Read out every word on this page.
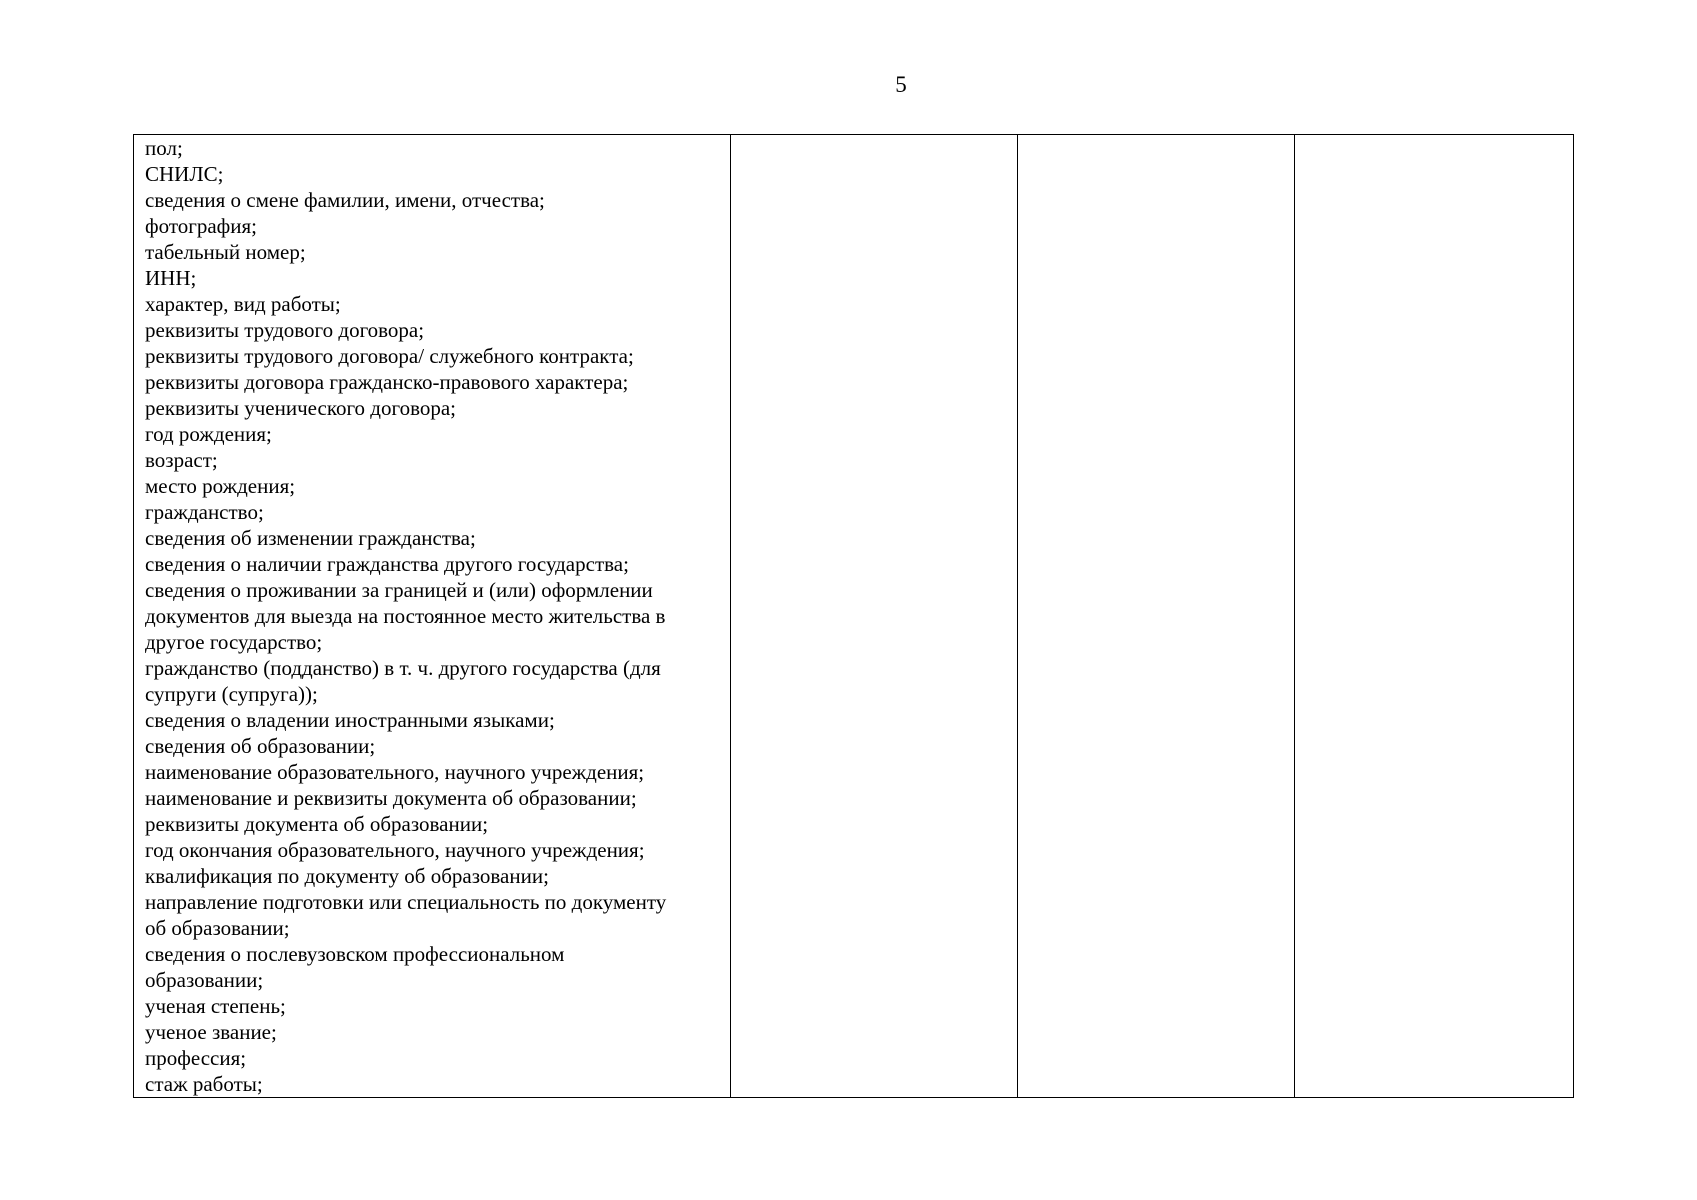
5
пол;
СНИЛС;
сведения о смене фамилии, имени, отчества;
фотография;
табельный номер;
ИНН;
характер, вид работы;
реквизиты трудового договора;
реквизиты трудового договора/ служебного контракта;
реквизиты договора гражданско-правового характера;
реквизиты ученического договора;
год рождения;
возраст;
место рождения;
гражданство;
сведения об изменении гражданства;
сведения о наличии гражданства другого государства;
сведения о проживании за границей и (или) оформлении
документов для выезда на постоянное место жительства в
другое государство;
гражданство (подданство) в т. ч. другого государства (для
супруги (супруга));
сведения о владении иностранными языками;
сведения об образовании;
наименование образовательного, научного учреждения;
наименование и реквизиты документа об образовании;
реквизиты документа об образовании;
год окончания образовательного, научного учреждения;
квалификация по документу об образовании;
направление подготовки или специальность по документу
об образовании;
сведения о послевузовском профессиональном
образовании;
ученая степень;
ученое звание;
профессия;
стаж работы;
